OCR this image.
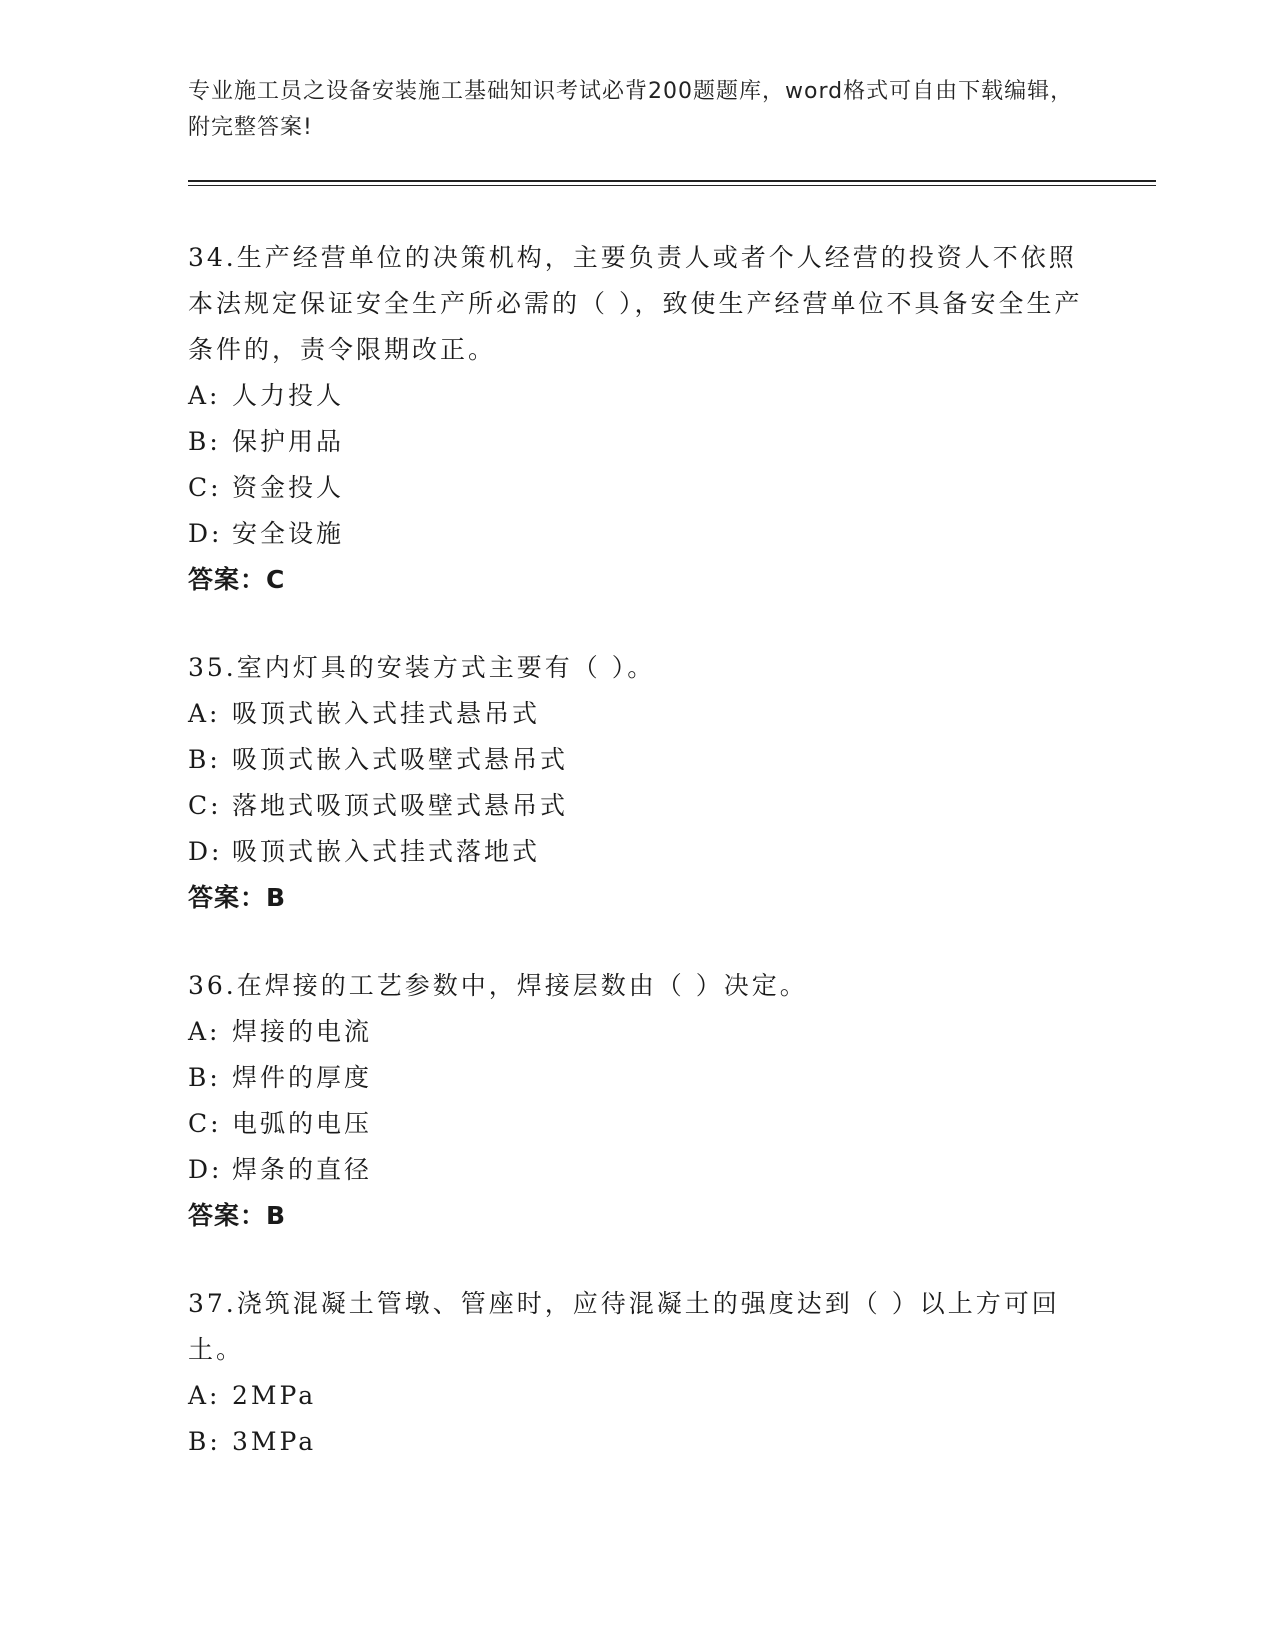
专业施工员之设备安装施工基础知识考试必背200题题库，word格式可自由下载编辑，附完整答案!
34.生产经营单位的决策机构，主要负责人或者个人经营的投资人不依照本法规定保证安全生产所必需的（ ），致使生产经营单位不具备安全生产条件的，责令限期改正。
A: 人力投人
B: 保护用品
C: 资金投人
D: 安全设施
答案：C
35.室内灯具的安装方式主要有（ ）。
A: 吸顶式嵌入式挂式悬吊式
B: 吸顶式嵌入式吸壁式悬吊式
C: 落地式吸顶式吸壁式悬吊式
D: 吸顶式嵌入式挂式落地式
答案：B
36.在焊接的工艺参数中，焊接层数由（ ）决定。
A: 焊接的电流
B: 焊件的厚度
C: 电弧的电压
D: 焊条的直径
答案：B
37.浇筑混凝土管墩、管座时，应待混凝土的强度达到（ ）以上方可回土。
A: 2MPa
B: 3MPa
